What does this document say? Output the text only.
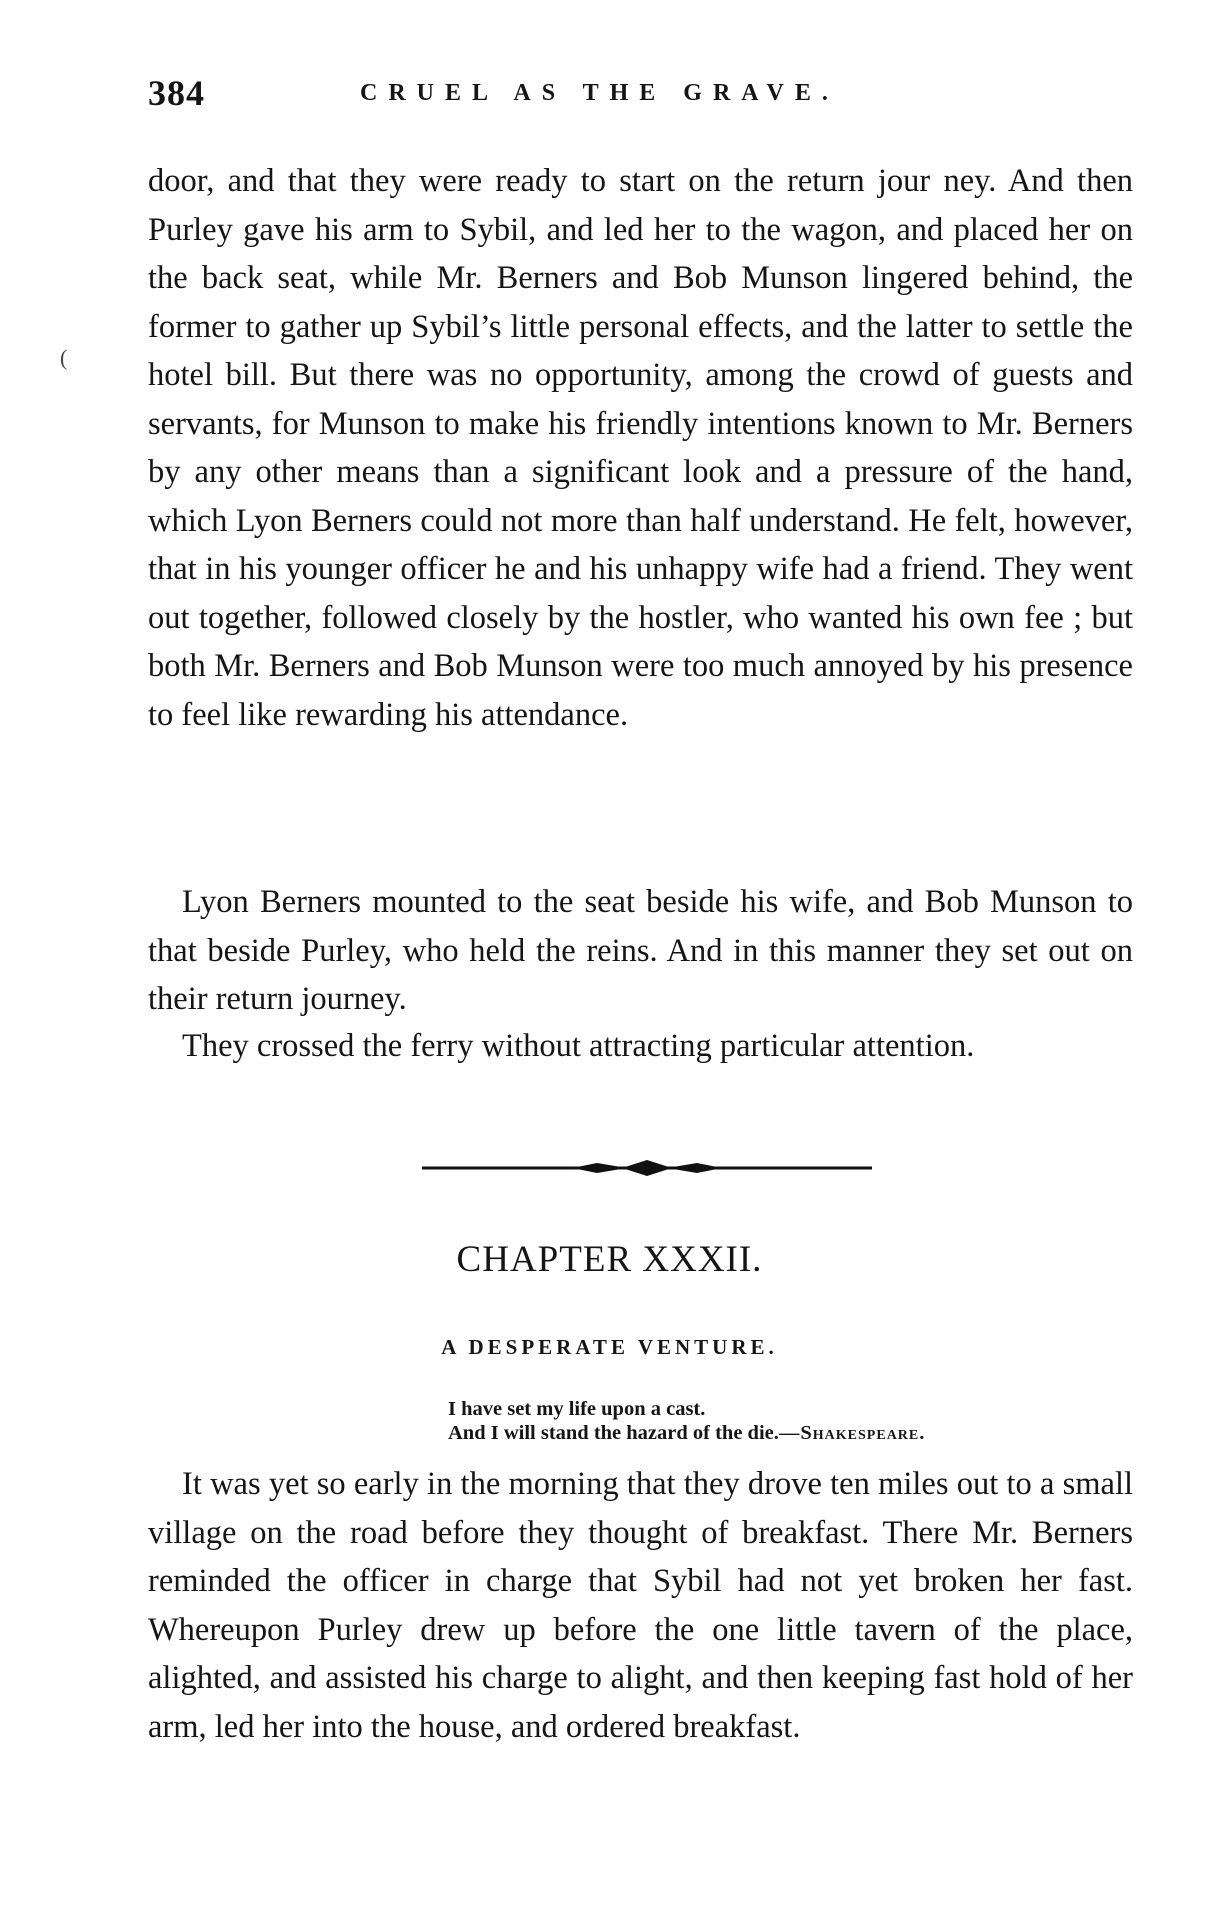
384	CRUEL AS THE GRAVE.
(

door, and that they were ready to start on the return jour ney. And then Purley gave his arm to Sybil, and led her to the wagon, and placed her on the back seat, while Mr. Berners and Bob Munson lingered behind, the former to gather up Sybil’s little personal effects, and the latter to settle the hotel bill. But there was no opportunity, among the crowd of guests and servants, for Munson to make his friendly intentions known to Mr. Berners by any other means than a significant look and a pressure of the hand, which Lyon Berners could not more than half understand. He felt, however, that in his younger officer he and his unhappy wife had a friend. They went out together, followed closely by the hostler, who wanted his own fee ; but both Mr. Berners and Bob Munson were too much annoyed by his presence to feel like rewarding his attendance.

Lyon Berners mounted to the seat beside his wife, and Bob Munson to that beside Purley, who held the reins. And in this manner they set out on their return journey.

They crossed the ferry without attracting particular attention.

CHAPTER XXXII.
A DESPERATE VENTURE.
I have set my life upon a cast.
And I will stand the hazard of the die.—Shakespeare.

It was yet so early in the morning that they drove ten miles out to a small village on the road before they thought of breakfast. There Mr. Berners reminded the officer in charge that Sybil had not yet broken her fast. Whereupon Purley drew up before the one little tavern of the place, alighted, and assisted his charge to alight, and then keeping fast hold of her arm, led her into the house, and ordered breakfast.
